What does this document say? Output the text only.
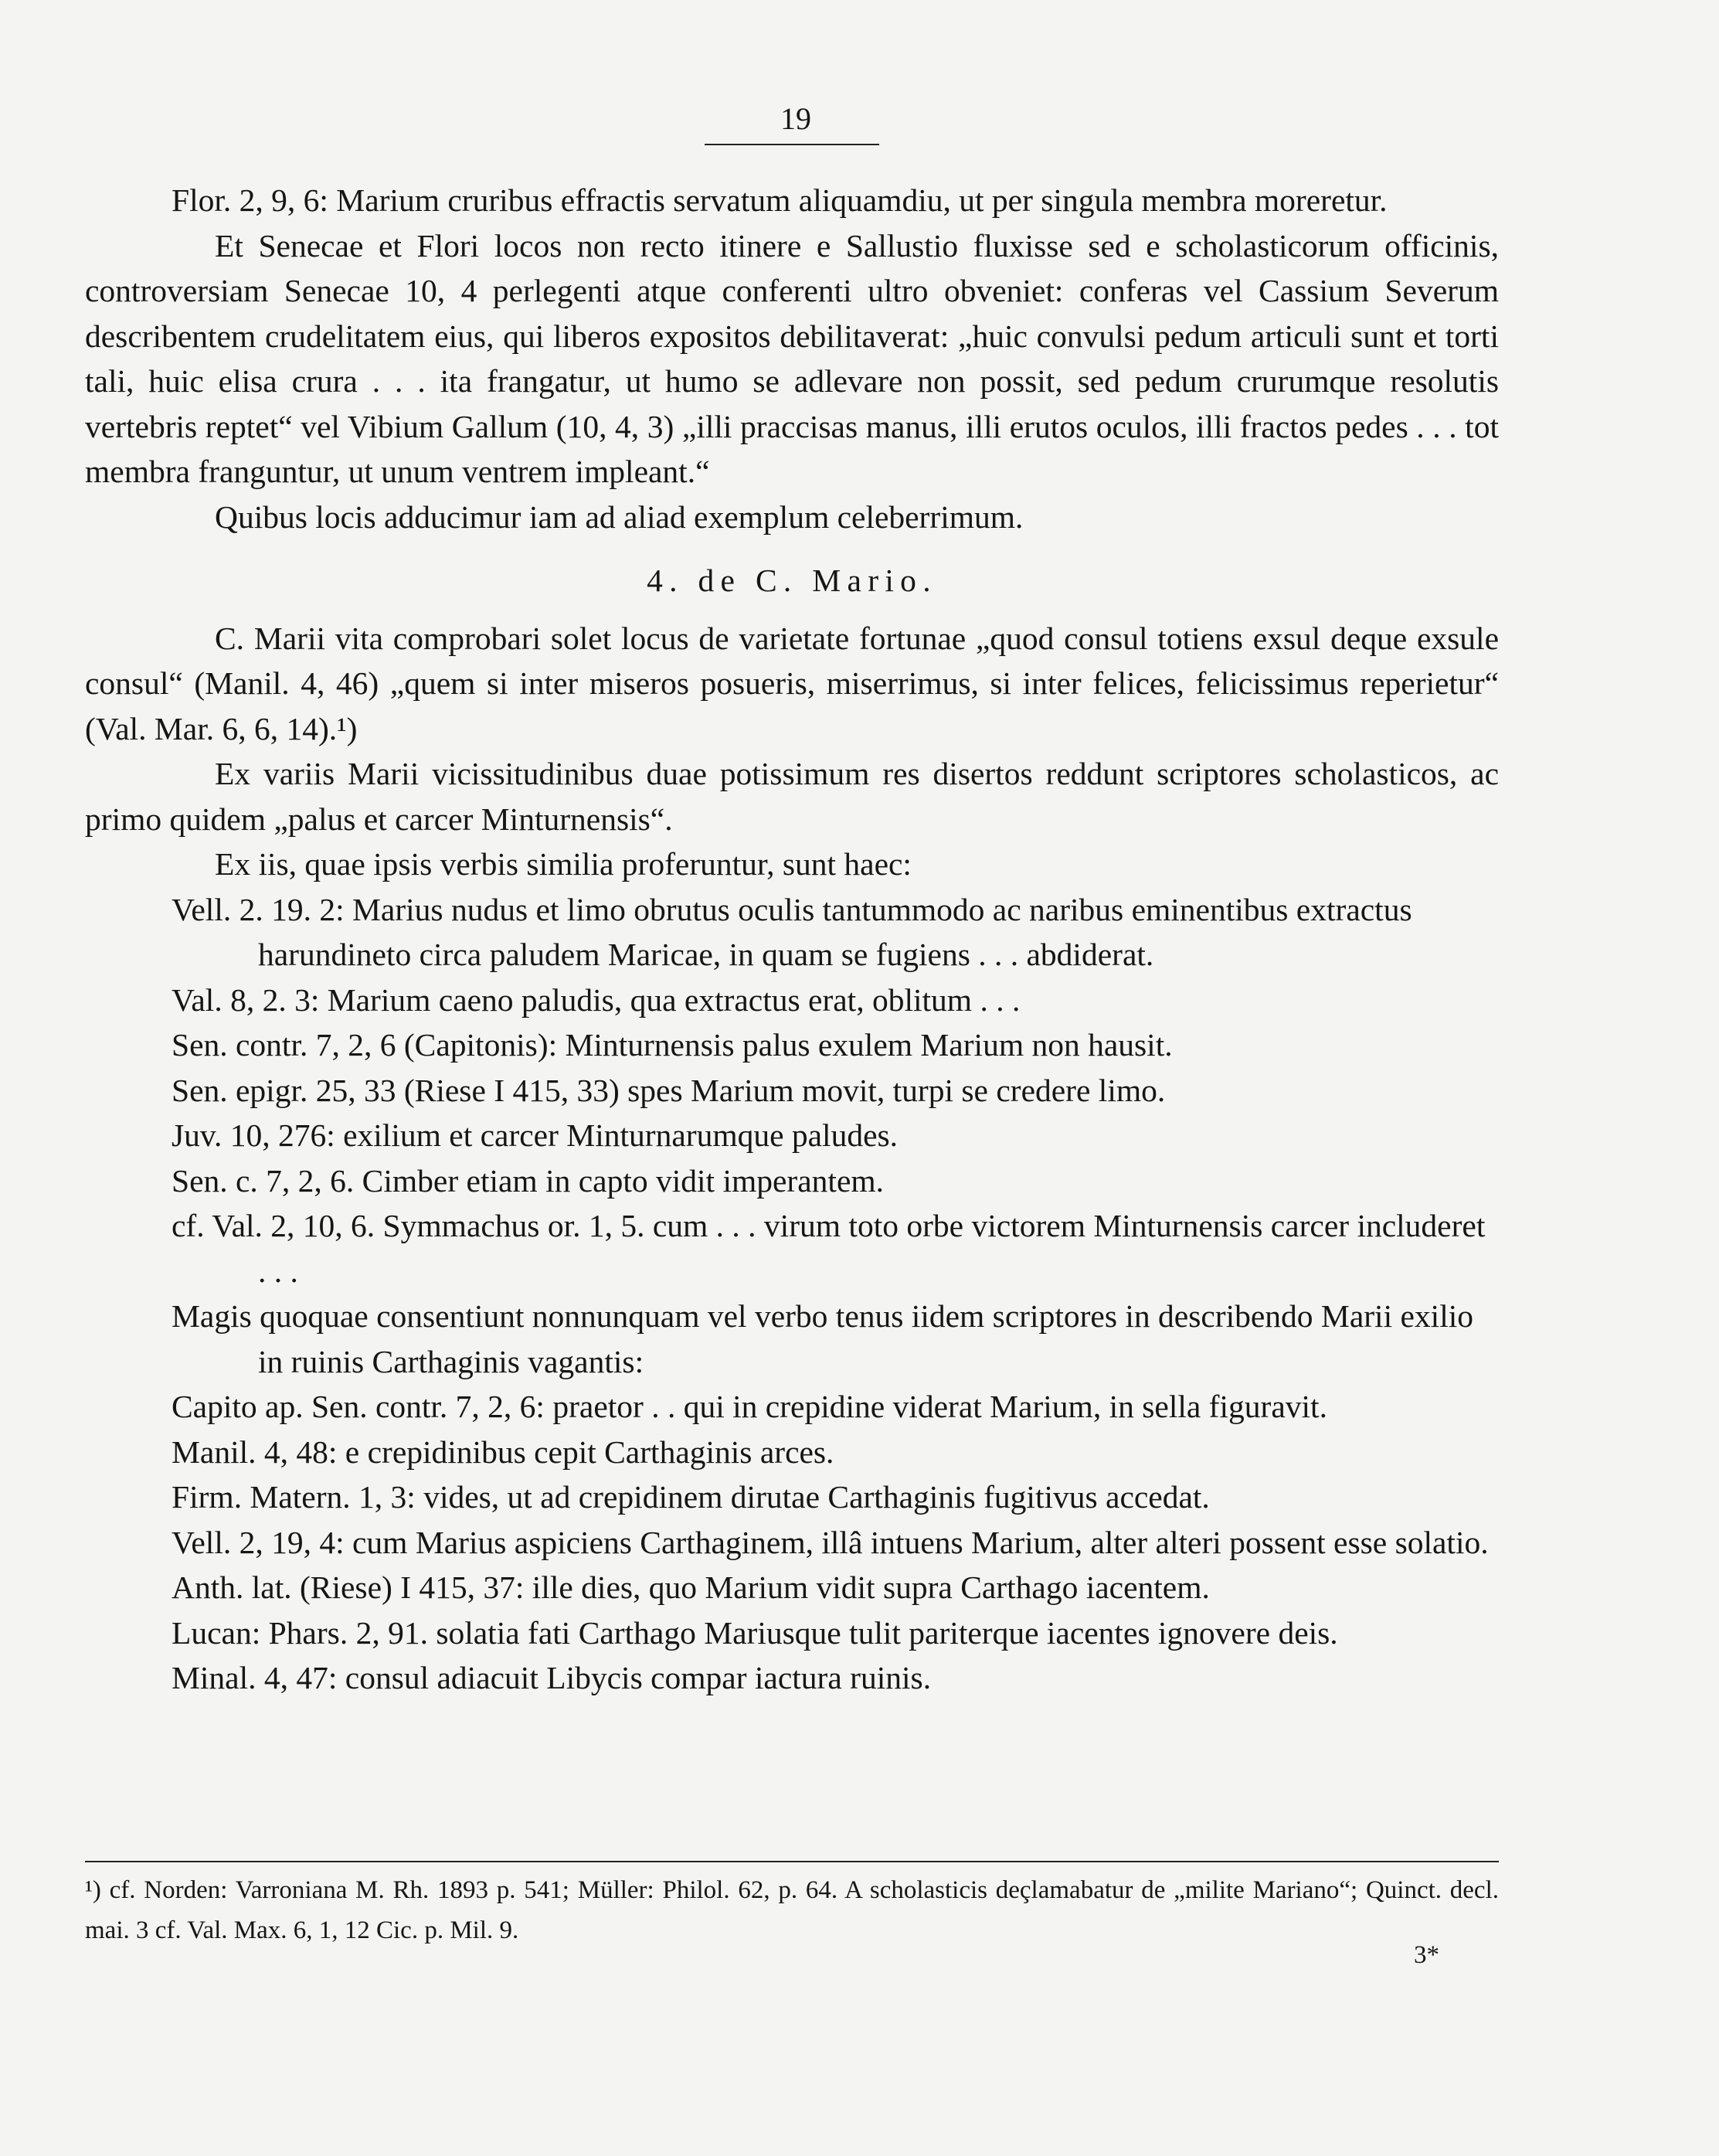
19

Flor. 2, 9, 6: Marium cruribus effractis servatum aliquamdiu, ut per singula membra moreretur.

Et Senecae et Flori locos non recto itinere e Sallustio fluxisse sed e scholasticorum officinis, controversiam Senecae 10, 4 perlegenti atque conferenti ultro obveniet: conferas vel Cassium Severum describentem crudelitatem eius, qui liberos expositos debilitaverat: „huic convulsi pedum articuli sunt et torti tali, huic elisa crura . . . ita frangatur, ut humo se adlevare non possit, sed pedum crurumque resolutis vertebris reptet“ vel Vibium Gallum (10, 4, 3) „illi praccisas manus, illi erutos oculos, illi fractos pedes . . . tot membra franguntur, ut unum ventrem impleant.“

Quibus locis adducimur iam ad aliad exemplum celeberrimum.

4. de C. Mario.

C. Marii vita comprobari solet locus de varietate fortunae „quod consul totiens exsul deque exsule consul“ (Manil. 4, 46) „quem si inter miseros posueris, miserrimus, si inter felices, felicissimus reperietur“ (Val. Mar. 6, 6, 14).¹)

Ex variis Marii vicissitudinibus duae potissimum res disertos reddunt scriptores scholasticos, ac primo quidem „palus et carcer Minturnensis“.

Ex iis, quae ipsis verbis similia proferuntur, sunt haec:

Vell. 2. 19. 2: Marius nudus et limo obrutus oculis tantummodo ac naribus eminentibus extractus harundineto circa paludem Maricae, in quam se fugiens . . . abdiderat.

Val. 8, 2. 3: Marium caeno paludis, qua extractus erat, oblitum . . .

Sen. contr. 7, 2, 6 (Capitonis): Minturnensis palus exulem Marium non hausit.

Sen. epigr. 25, 33 (Riese I 415, 33) spes Marium movit, turpi se credere limo.

Juv. 10, 276: exilium et carcer Minturnarumque paludes.

Sen. c. 7, 2, 6. Cimber etiam in capto vidit imperantem.

cf. Val. 2, 10, 6. Symmachus or. 1, 5. cum . . . virum toto orbe victorem Minturnensis carcer includeret . . .

Magis quoquae consentiunt nonnunquam vel verbo tenus iidem scriptores in describendo Marii exilio in ruinis Carthaginis vagantis:

Capito ap. Sen. contr. 7, 2, 6: praetor . . qui in crepidine viderat Marium, in sella figuravit.

Manil. 4, 48: e crepidinibus cepit Carthaginis arces.

Firm. Matern. 1, 3: vides, ut ad crepidinem dirutae Carthaginis fugitivus accedat.

Vell. 2, 19, 4: cum Marius aspiciens Carthaginem, illâ intuens Marium, alter alteri possent esse solatio.

Anth. lat. (Riese) I 415, 37: ille dies, quo Marium vidit supra Carthago iacentem.

Lucan: Phars. 2, 91. solatia fati Carthago Mariusque tulit pariterque iacentes ignovere deis.

Minal. 4, 47: consul adiacuit Libycis compar iactura ruinis.

¹) cf. Norden: Varroniana M. Rh. 1893 p. 541; Müller: Philol. 62, p. 64. A scholasticis deçlamabatur de „milite Mariano“; Quinct. decl. mai. 3 cf. Val. Max. 6, 1, 12 Cic. p. Mil. 9.

3*
